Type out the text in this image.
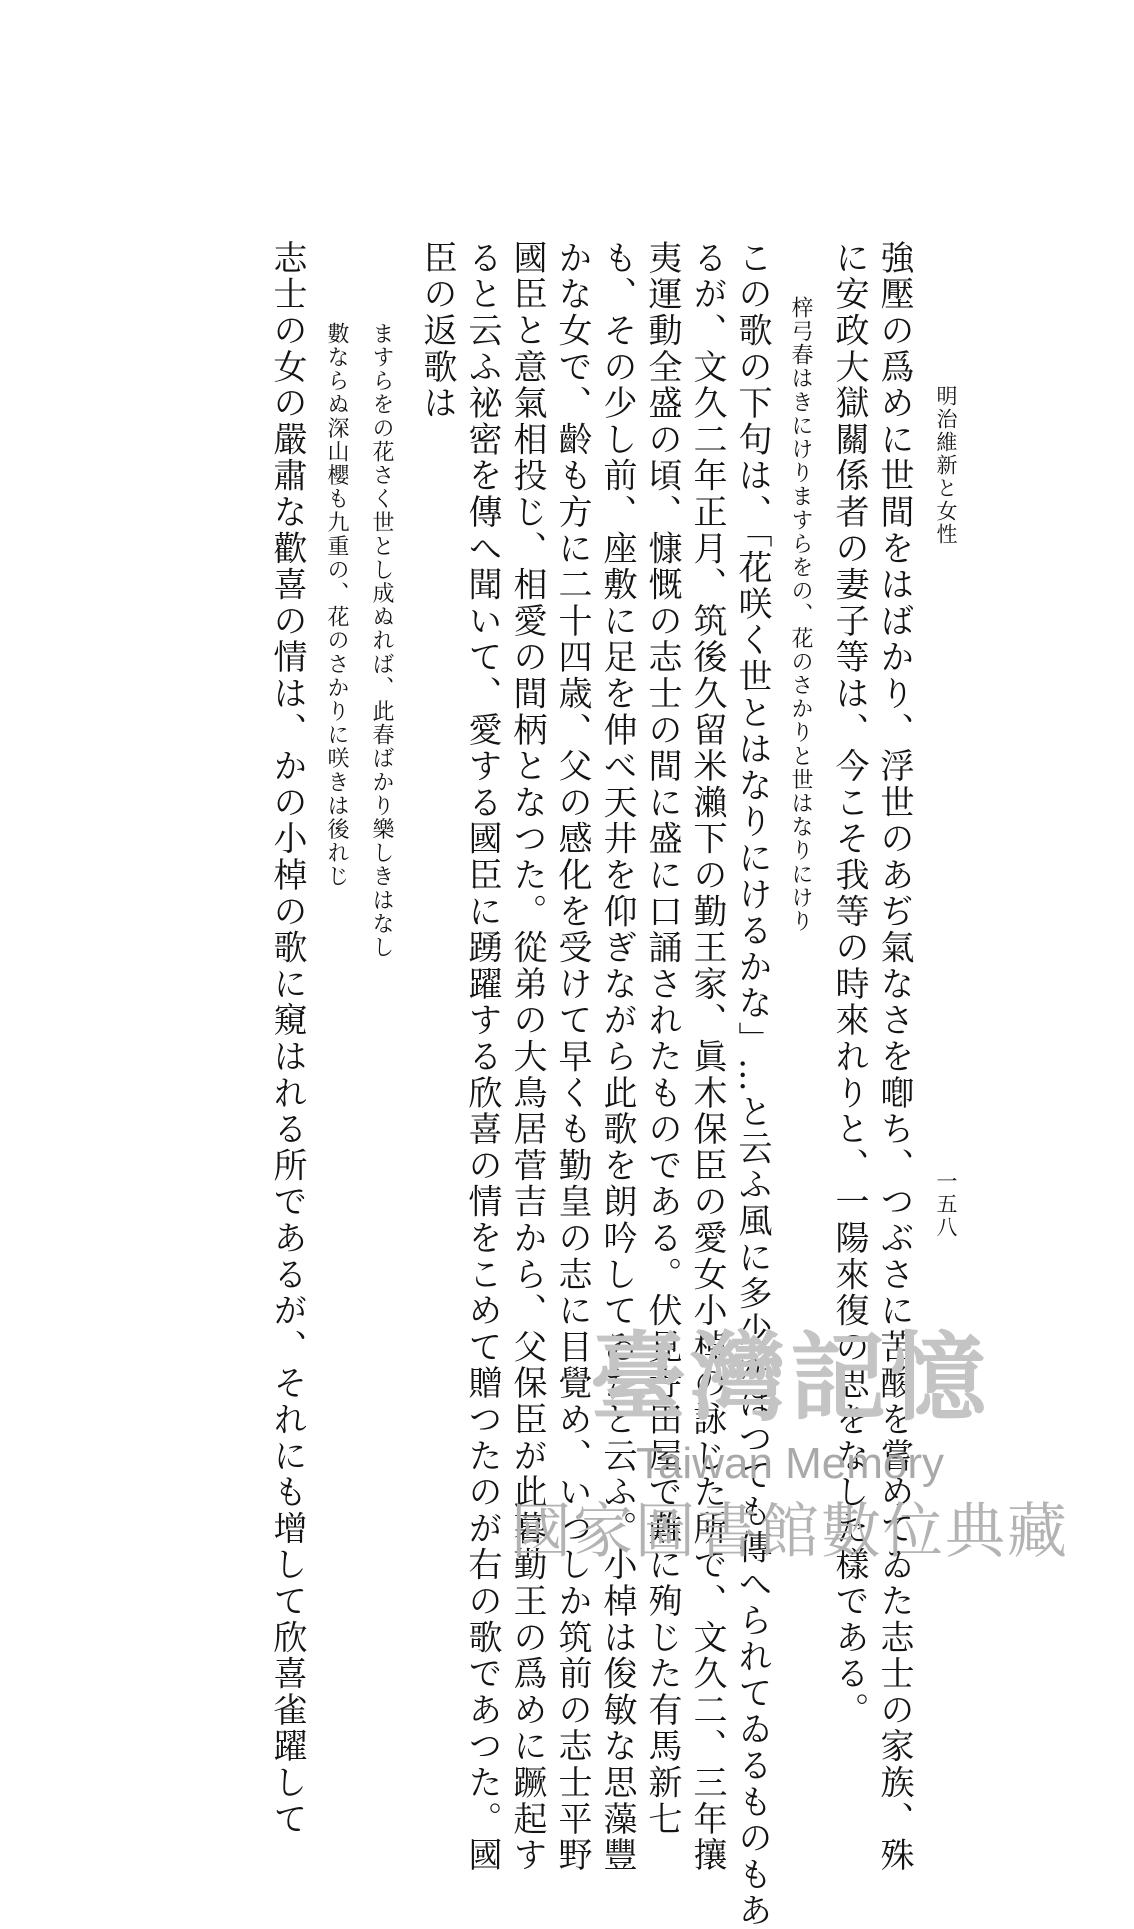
明治維新と女性
一五八
強壓の爲めに世間をはばかり、浮世のあぢ氣なさを喞ち、つぶさに苦酸を嘗めてゐた志士の家族、殊
に安政大獄關係者の妻子等は、今こそ我等の時來れりと、一陽來復の思をなした樣である。
梓弓春はきにけりますらをの、花のさかりと世はなりにけり
この歌の下句は、「花咲く世とはなりにけるかな」…と云ふ風に多少かはつても傳へられてゐるものもあ
るが、文久二年正月、筑後久留米瀨下の勤王家、眞木保臣の愛女小棹の詠じた所で、文久二、三年攘
夷運動全盛の頃、慷慨の志士の間に盛に口誦されたものである。伏見寺田屋で難に殉じた有馬新七
も、その少し前、座敷に足を伸べ天井を仰ぎながら此歌を朗吟してゐたと云ふ。小棹は俊敏な思藻豐
かな女で、齡も方に二十四歳、父の感化を受けて早くも勤皇の志に目覺め、いつしか筑前の志士平野
國臣と意氣相投じ、相愛の間柄となつた。從弟の大鳥居菅吉から、父保臣が此暮勤王の爲めに蹶起す
ると云ふ祕密を傳へ聞いて、愛する國臣に踴躍する欣喜の情をこめて贈つたのが右の歌であつた。國
臣の返歌は
ますらをの花さく世とし成ぬれば、此春ばかり樂しきはなし
數ならぬ深山櫻も九重の、花のさかりに咲きは後れじ
志士の女の嚴肅な歡喜の情は、かの小棹の歌に窺はれる所であるが、それにも增して欣喜雀躍して	臺灣記憶
Taiwan Memory
國家圖書館數位典藏
